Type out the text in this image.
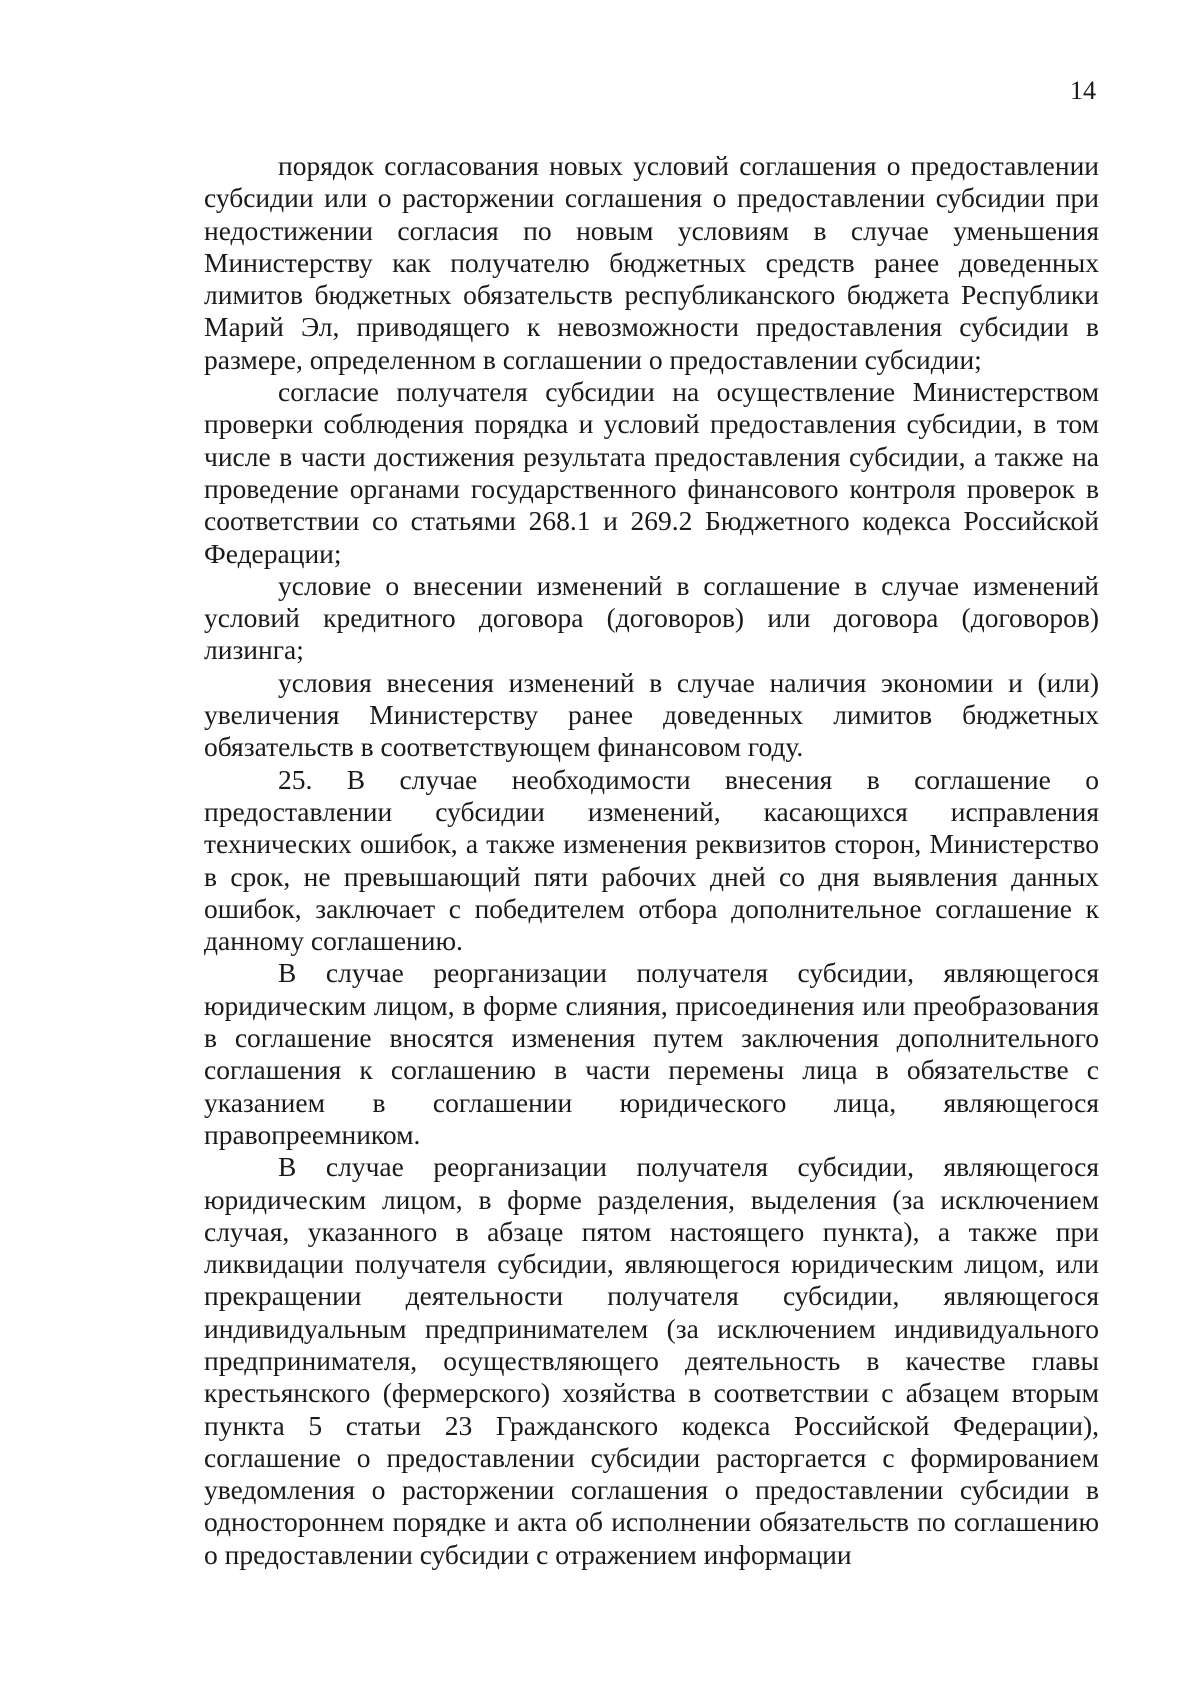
14

порядок согласования новых условий соглашения о предоставлении субсидии или о расторжении соглашения о предоставлении субсидии при недостижении согласия по новым условиям в случае уменьшения Министерству как получателю бюджетных средств ранее доведенных лимитов бюджетных обязательств республиканского бюджета Республики Марий Эл, приводящего к невозможности предоставления субсидии в размере, определенном в соглашении о предоставлении субсидии;

согласие получателя субсидии на осуществление Министерством проверки соблюдения порядка и условий предоставления субсидии, в том числе в части достижения результата предоставления субсидии, а также на проведение органами государственного финансового контроля проверок в соответствии со статьями 268.1 и 269.2 Бюджетного кодекса Российской Федерации;

условие о внесении изменений в соглашение в случае изменений условий кредитного договора (договоров) или договора (договоров) лизинга;

условия внесения изменений в случае наличия экономии и (или) увеличения Министерству ранее доведенных лимитов бюджетных обязательств в соответствующем финансовом году.

25. В случае необходимости внесения в соглашение о предоставлении субсидии изменений, касающихся исправления технических ошибок, а также изменения реквизитов сторон, Министерство в срок, не превышающий пяти рабочих дней со дня выявления данных ошибок, заключает с победителем отбора дополнительное соглашение к данному соглашению.

В случае реорганизации получателя субсидии, являющегося юридическим лицом, в форме слияния, присоединения или преобразования в соглашение вносятся изменения путем заключения дополнительного соглашения к соглашению в части перемены лица в обязательстве с указанием в соглашении юридического лица, являющегося правопреемником.

В случае реорганизации получателя субсидии, являющегося юридическим лицом, в форме разделения, выделения (за исключением случая, указанного в абзаце пятом настоящего пункта), а также при ликвидации получателя субсидии, являющегося юридическим лицом, или прекращении деятельности получателя субсидии, являющегося индивидуальным предпринимателем (за исключением индивидуального предпринимателя, осуществляющего деятельность в качестве главы крестьянского (фермерского) хозяйства в соответствии с абзацем вторым пункта 5 статьи 23 Гражданского кодекса Российской Федерации), соглашение о предоставлении субсидии расторгается с формированием уведомления о расторжении соглашения о предоставлении субсидии в одностороннем порядке и акта об исполнении обязательств по соглашению о предоставлении субсидии с отражением информации
